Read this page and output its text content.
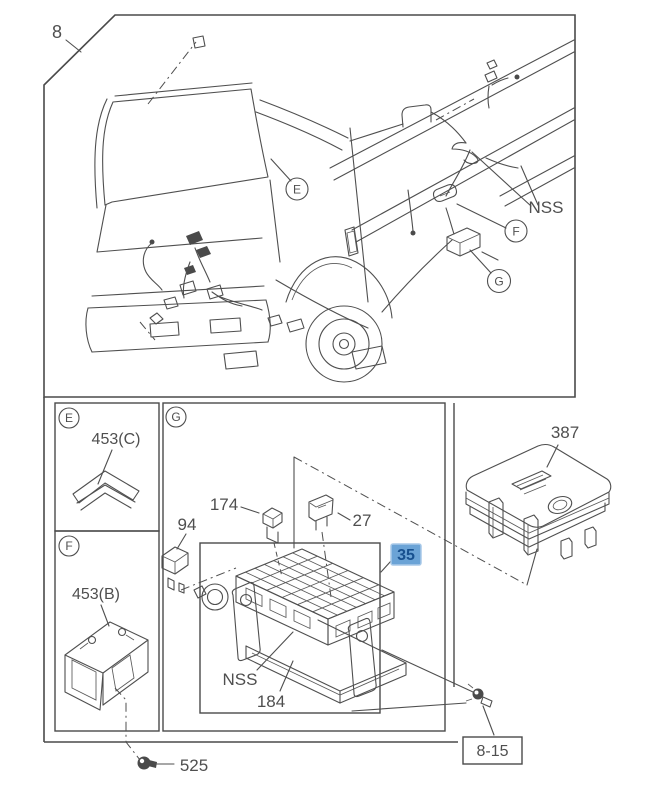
8
NSS
E
F
G
E
453(C)
F
453(B)
525
G
94
174
27
35
NSS
184
387
8-15
